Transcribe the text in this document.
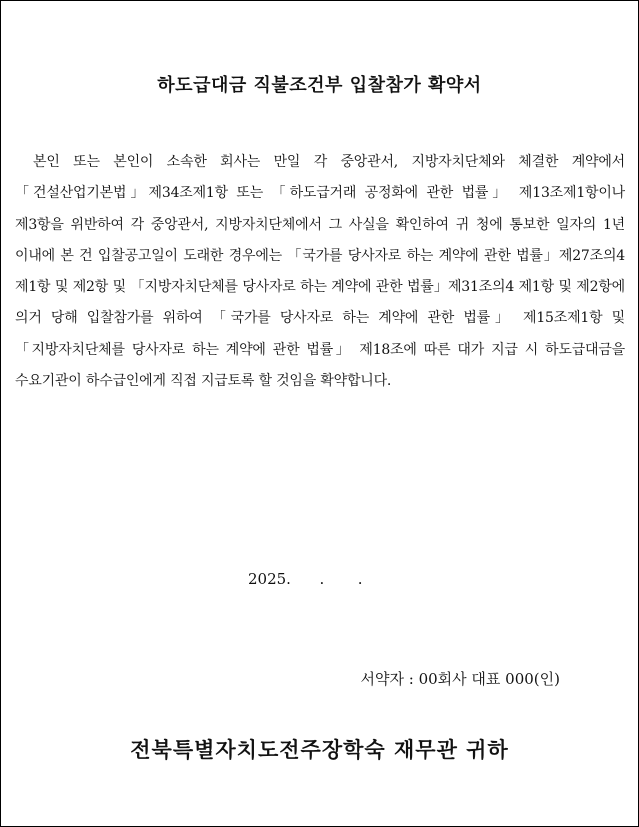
하도급대금 직불조건부 입찰참가 확약서
본인 또는 본인이 소속한 회사는 만일 각 중앙관서, 지방자치단체와 체결한 계약에서 「건설산업기본법」제34조제1항 또는 「하도급거래 공정화에 관한 법률」 제13조제1항이나 제3항을 위반하여 각 중앙관서, 지방자치단체에서 그 사실을 확인하여 귀 청에 통보한 일자의 1년 이내에 본 건 입찰공고일이 도래한 경우에는 「국가를 당사자로 하는 계약에 관한 법률」제27조의4 제1항 및 제2항 및 「지방자치단체를 당사자로 하는 계약에 관한 법률」제31조의4 제1항 및 제2항에 의거 당해 입찰참가를 위하여 「국가를 당사자로 하는 계약에 관한 법률」 제15조제1항 및 「지방자치단체를 당사자로 하는 계약에 관한 법률」 제18조에 따른 대가 지급 시 하도급대금을 수요기관이 하수급인에게 직접 지급토록 할 것임을 확약합니다.
2025.      .       .
서약자 : 00회사 대표 000(인)
전북특별자치도전주장학숙 재무관 귀하
